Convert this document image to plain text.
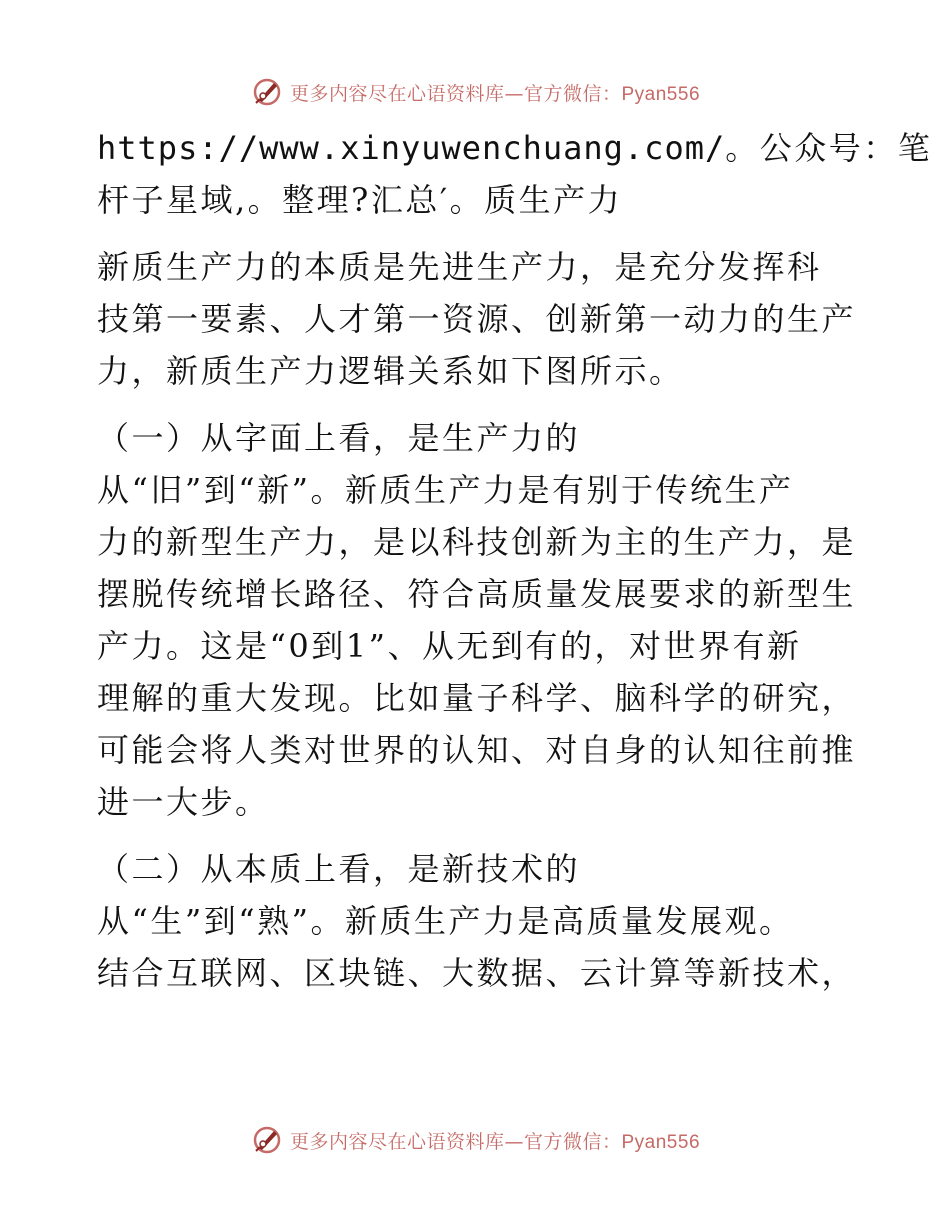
更多内容尽在心语资料库—官方微信：Pyan556
https://www.xinyuwenchuang.com/。公众号：笔
杆子星域,。整理?汇总′。质生产力
新质生产力的本质是先进生产力，是充分发挥科
技第一要素、人才第一资源、创新第一动力的生产
力，新质生产力逻辑关系如下图所示。
（一）从字面上看，是生产力的
从“旧”到“新”。新质生产力是有别于传统生产
力的新型生产力，是以科技创新为主的生产力，是
摆脱传统增长路径、符合高质量发展要求的新型生
产力。这是“0到1”、从无到有的，对世界有新
理解的重大发现。比如量子科学、脑科学的研究，
可能会将人类对世界的认知、对自身的认知往前推
进一大步。
（二）从本质上看，是新技术的
从“生”到“熟”。新质生产力是高质量发展观。
结合互联网、区块链、大数据、云计算等新技术，
更多内容尽在心语资料库—官方微信：Pyan556
